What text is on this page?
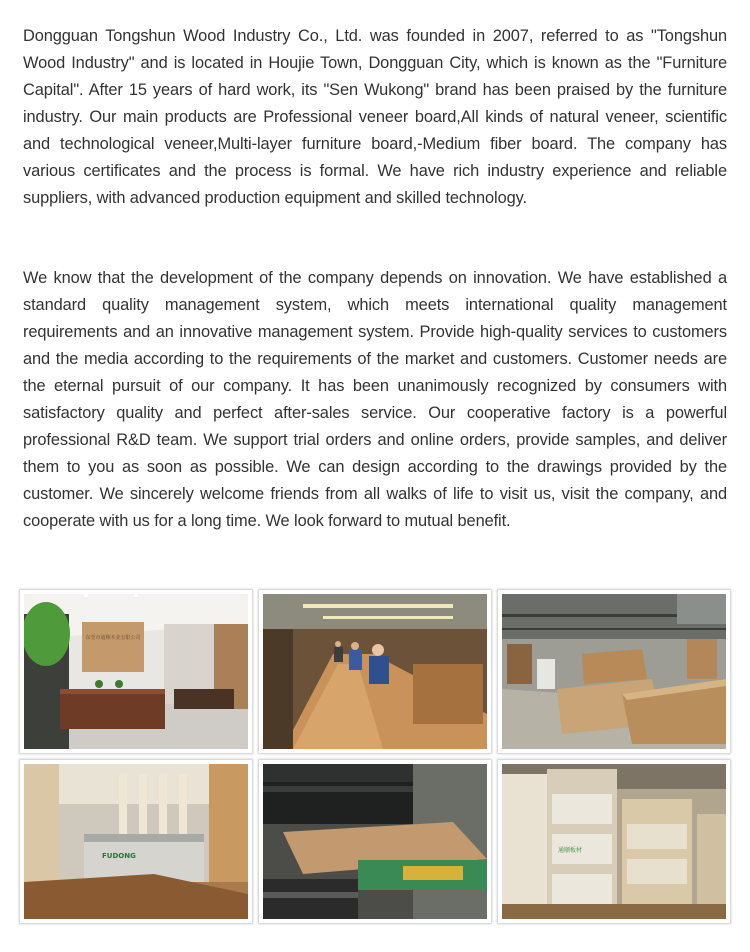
Dongguan Tongshun Wood Industry Co., Ltd. was founded in 2007, referred to as "Tongshun Wood Industry" and is located in Houjie Town, Dongguan City, which is known as the "Furniture Capital". After 15 years of hard work, its "Sen Wukong" brand has been praised by the furniture industry. Our main products are Professional veneer board,All kinds of natural veneer, scientific and technological veneer,Multi-layer furniture board,-Medium fiber board. The company has various certificates and the process is formal. We have rich industry experience and reliable suppliers, with advanced production equipment and skilled technology.

We know that the development of the company depends on innovation. We have established a standard quality management system, which meets international quality management requirements and an innovative management system. Provide high-quality services to customers and the media according to the requirements of the market and customers. Customer needs are the eternal pursuit of our company. It has been unanimously recognized by consumers with satisfactory quality and perfect after-sales service. Our cooperative factory is a powerful professional R&D team. We support trial orders and online orders, provide samples, and deliver them to you as soon as possible. We can design according to the drawings provided by the customer. We sincerely welcome friends from all walks of life to visit us, visit the company, and cooperate with us for a long time. We look forward to mutual benefit.

东莞市通顺木业有限公司
FUDONG
通顺板材
